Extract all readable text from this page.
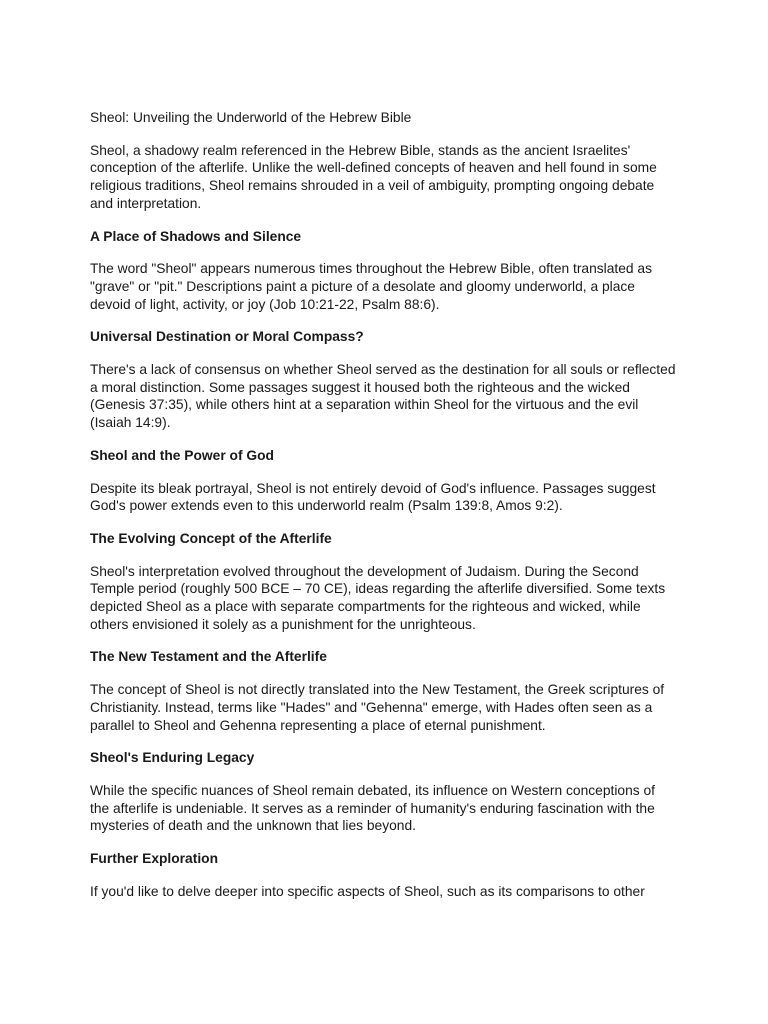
Sheol: Unveiling the Underworld of the Hebrew Bible
Sheol, a shadowy realm referenced in the Hebrew Bible, stands as the ancient Israelites'
conception of the afterlife. Unlike the well-defined concepts of heaven and hell found in some
religious traditions, Sheol remains shrouded in a veil of ambiguity, prompting ongoing debate
and interpretation.
A Place of Shadows and Silence
The word "Sheol" appears numerous times throughout the Hebrew Bible, often translated as
"grave" or "pit." Descriptions paint a picture of a desolate and gloomy underworld, a place
devoid of light, activity, or joy (Job 10:21-22, Psalm 88:6).
Universal Destination or Moral Compass?
There's a lack of consensus on whether Sheol served as the destination for all souls or reflected
a moral distinction. Some passages suggest it housed both the righteous and the wicked
(Genesis 37:35), while others hint at a separation within Sheol for the virtuous and the evil
(Isaiah 14:9).
Sheol and the Power of God
Despite its bleak portrayal, Sheol is not entirely devoid of God's influence. Passages suggest
God's power extends even to this underworld realm (Psalm 139:8, Amos 9:2).
The Evolving Concept of the Afterlife
Sheol's interpretation evolved throughout the development of Judaism. During the Second
Temple period (roughly 500 BCE – 70 CE), ideas regarding the afterlife diversified. Some texts
depicted Sheol as a place with separate compartments for the righteous and wicked, while
others envisioned it solely as a punishment for the unrighteous.
The New Testament and the Afterlife
The concept of Sheol is not directly translated into the New Testament, the Greek scriptures of
Christianity. Instead, terms like "Hades" and "Gehenna" emerge, with Hades often seen as a
parallel to Sheol and Gehenna representing a place of eternal punishment.
Sheol's Enduring Legacy
While the specific nuances of Sheol remain debated, its influence on Western conceptions of
the afterlife is undeniable. It serves as a reminder of humanity's enduring fascination with the
mysteries of death and the unknown that lies beyond.
Further Exploration
If you'd like to delve deeper into specific aspects of Sheol, such as its comparisons to other
